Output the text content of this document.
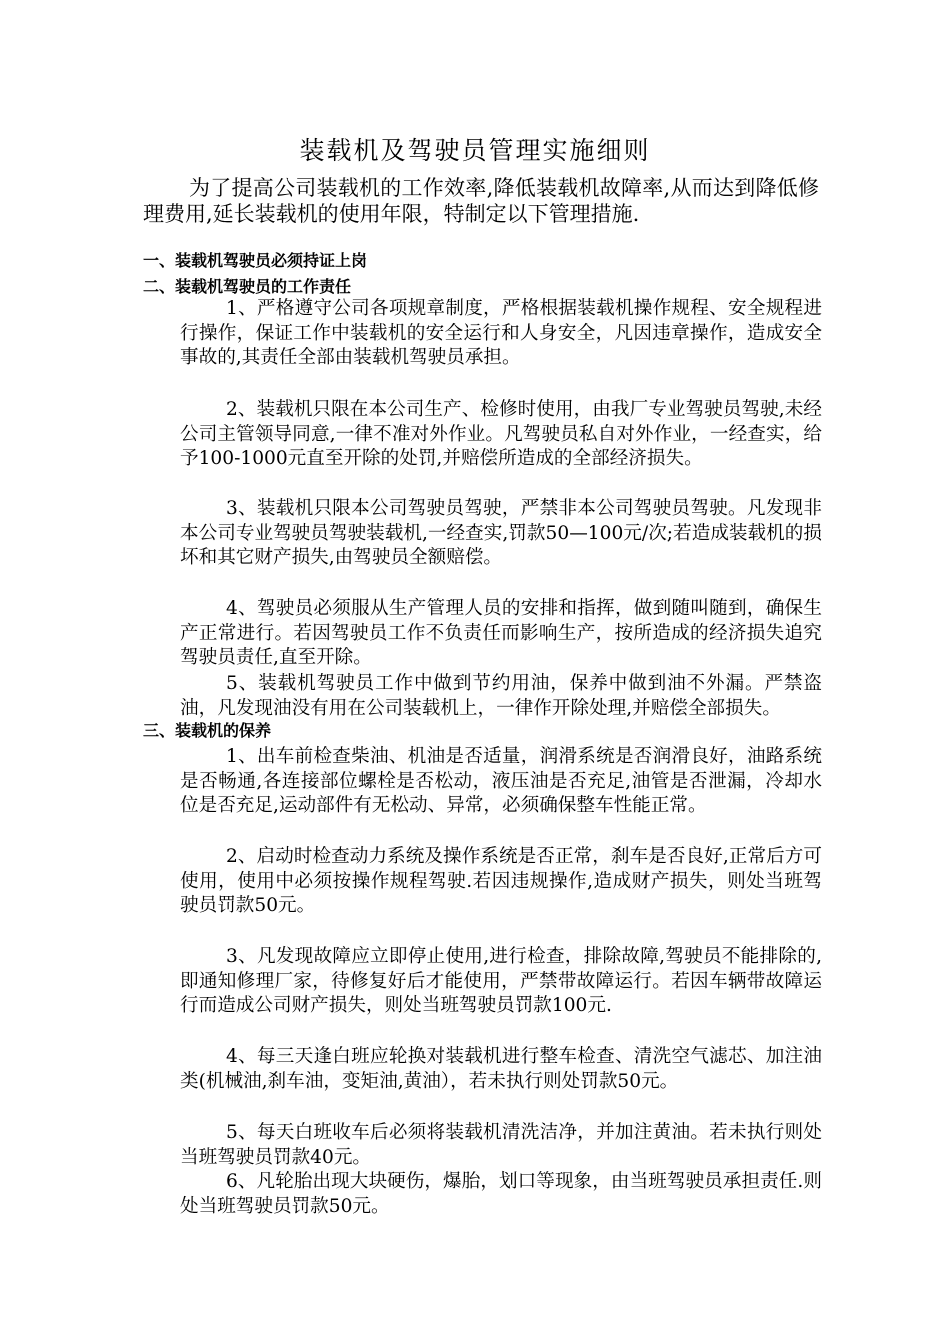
装载机及驾驶员管理实施细则
为了提高公司装载机的工作效率,降低装载机故障率,从而达到降低修理费用,延长装载机的使用年限，特制定以下管理措施.
一、装载机驾驶员必须持证上岗
二、装载机驾驶员的工作责任
1、严格遵守公司各项规章制度，严格根据装载机操作规程、安全规程进行操作，保证工作中装载机的安全运行和人身安全，凡因违章操作，造成安全事故的,其责任全部由装载机驾驶员承担。
2、装载机只限在本公司生产、检修时使用，由我厂专业驾驶员驾驶,未经公司主管领导同意,一律不准对外作业。凡驾驶员私自对外作业，一经查实，给予100-1000元直至开除的处罚,并赔偿所造成的全部经济损失。
3、装载机只限本公司驾驶员驾驶，严禁非本公司驾驶员驾驶。凡发现非本公司专业驾驶员驾驶装载机,一经查实,罚款50—100元/次;若造成装载机的损坏和其它财产损失,由驾驶员全额赔偿。
4、驾驶员必须服从生产管理人员的安排和指挥，做到随叫随到，确保生产正常进行。若因驾驶员工作不负责任而影响生产，按所造成的经济损失追究驾驶员责任,直至开除。
5、装载机驾驶员工作中做到节约用油，保养中做到油不外漏。严禁盗油，凡发现油没有用在公司装载机上，一律作开除处理,并赔偿全部损失。
三、装载机的保养
1、出车前检查柴油、机油是否适量，润滑系统是否润滑良好，油路系统是否畅通,各连接部位螺栓是否松动，液压油是否充足,油管是否泄漏，冷却水位是否充足,运动部件有无松动、异常，必须确保整车性能正常。
2、启动时检查动力系统及操作系统是否正常，刹车是否良好,正常后方可使用，使用中必须按操作规程驾驶.若因违规操作,造成财产损失，则处当班驾驶员罚款50元。
3、凡发现故障应立即停止使用,进行检查，排除故障,驾驶员不能排除的,即通知修理厂家，待修复好后才能使用，严禁带故障运行。若因车辆带故障运行而造成公司财产损失，则处当班驾驶员罚款100元.
4、每三天逢白班应轮换对装载机进行整车检查、清洗空气滤芯、加注油类(机械油,刹车油，变矩油,黄油），若未执行则处罚款50元。
5、每天白班收车后必须将装载机清洗洁净，并加注黄油。若未执行则处当班驾驶员罚款40元。
6、凡轮胎出现大块硬伤，爆胎，划口等现象，由当班驾驶员承担责任.则处当班驾驶员罚款50元。
